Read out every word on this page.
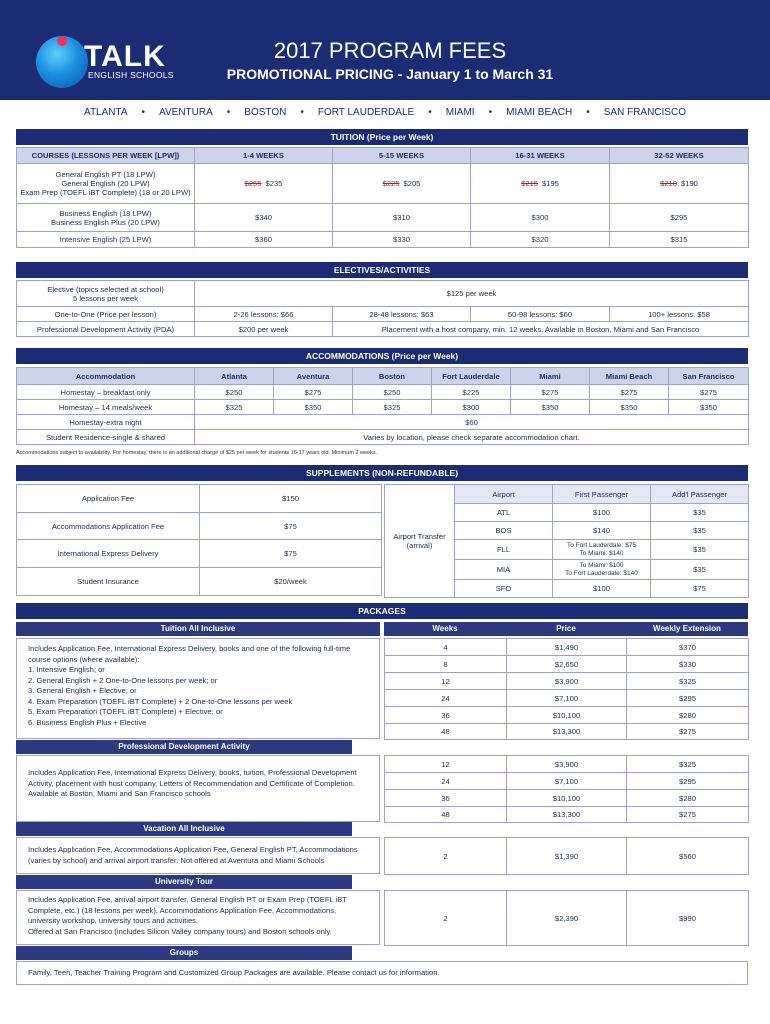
TALK
ENGLISH SCHOOLS
2017 PROGRAM FEES
PROMOTIONAL PRICING - January 1 to March 31
ATLANTA • AVENTURA • BOSTON • FORT LAUDERDALE • MIAMI • MIAMI BEACH • SAN FRANCISCO
TUITION (Price per Week)
COURSES (LESSONS PER WEEK [LPW])	1-4 WEEKS	5-15 WEEKS	16-31 WEEKS	32-52 WEEKS

General English PT (18 LPW)
General English (20 LPW)
Exam Prep (TOEFL iBT Complete) (18 or 20 LPW)	$255 $235	$225 $205	$215 $195	$210 $190

Business English (18 LPW)
Business English Plus (20 LPW)	$340	$310	$300	$295
Intensive English (25 LPW)	$360	$330	$320	$315
ELECTIVES/ACTIVITIES
Elective (topics selected at school)
5 lessons per week	$125 per week			
One-to-One (Price per lesson)	2-26 lessons: $66	28-48 lessons: $63	50-98 lessons: $60	100+ lessons: $58
Professional Development Activity (PDA)	$200 per week	Placement with a host company, min. 12 weeks. Available in Boston, Miami and San Francisco		
ACCOMMODATIONS (Price per Week)
Accommodation	Atlanta	Aventura	Boston	Fort Lauderdale	Miami	Miami Beach	San Francisco
Homestay – breakfast only	$250	$275	$250	$225	$275	$275	$275
Homestay – 14 meals/week	$325	$350	$325	$300	$350	$350	$350
Homestay-extra night	$60						
Student Residence-single & shared	Varies by location, please check separate accommodation chart.						
Accommodations subject to availability. For homestay, there is an additional charge of $25 per week for students 16-17 years old. Minimum 2 weeks.
SUPPLEMENTS (NON-REFUNDABLE)
Application Fee	$150
Accommodations Application Fee	$75
International Express Delivery	$75
Student Insurance	$20/week
Airport Transfer
(arrival)	Airport	First Passenger	Add'l Passenger
	ATL	$100	$35
	BOS	$140	$35
	FLL	To Fort Lauderdale: $75
To Miami: $140	$35
	MIA	To Miami: $100
To Fort Lauderdale: $140	$35
	SFO	$100	$75
PACKAGES
Tuition All Inclusive	Weeks	Price	Weekly Extension
Includes Application Fee, International Express Delivery, books and one of the following full-time
course options (where available):
1. Intensive English; or
2. General English + 2 One-to-One lessons per week; or
3. General English + Elective; or
4. Exam Preparation (TOEFL iBT Complete) + 2 One-to-One lessons per week
5. Exam Preparation (TOEFL iBT Complete) + Elective; or
6. Business English Plus + Elective
4	$1,490	$370
8	$2,650	$330
12	$3,900	$325
24	$7,100	$295
36	$10,100	$280
48	$13,300	$275
Professional Development Activity
Includes Application Fee, International Express Delivery, books, tuition, Professional Development
Activity, placement with host company, Letters of Recommendation and Certificate of Completion.
Available at Boston, Miami and San Francisco schools
12	$3,900	$325
24	$7,100	$295
36	$10,100	$280
48	$13,300	$275
Vacation All Inclusive
Includes Application Fee, Accommodations Application Fee, General English PT, Accommodations
(varies by school) and arrival airport transfer. Not offered at Aventura and Miami Schools	2	$1,390	$560
University Tour
Includes Application Fee, arrival airport transfer, General English PT or Exam Prep (TOEFL iBT
Complete, etc.) (18 lessons per week), Accommodations Application Fee, Accommodations,
university workshop, university tours and activities.
Offered at San Francisco (includes Silicon Valley company tours) and Boston schools only.
2	$2,390	$990
Groups
Family, Teen, Teacher Training Program and Customized Group Packages are available. Please contact us for information.
